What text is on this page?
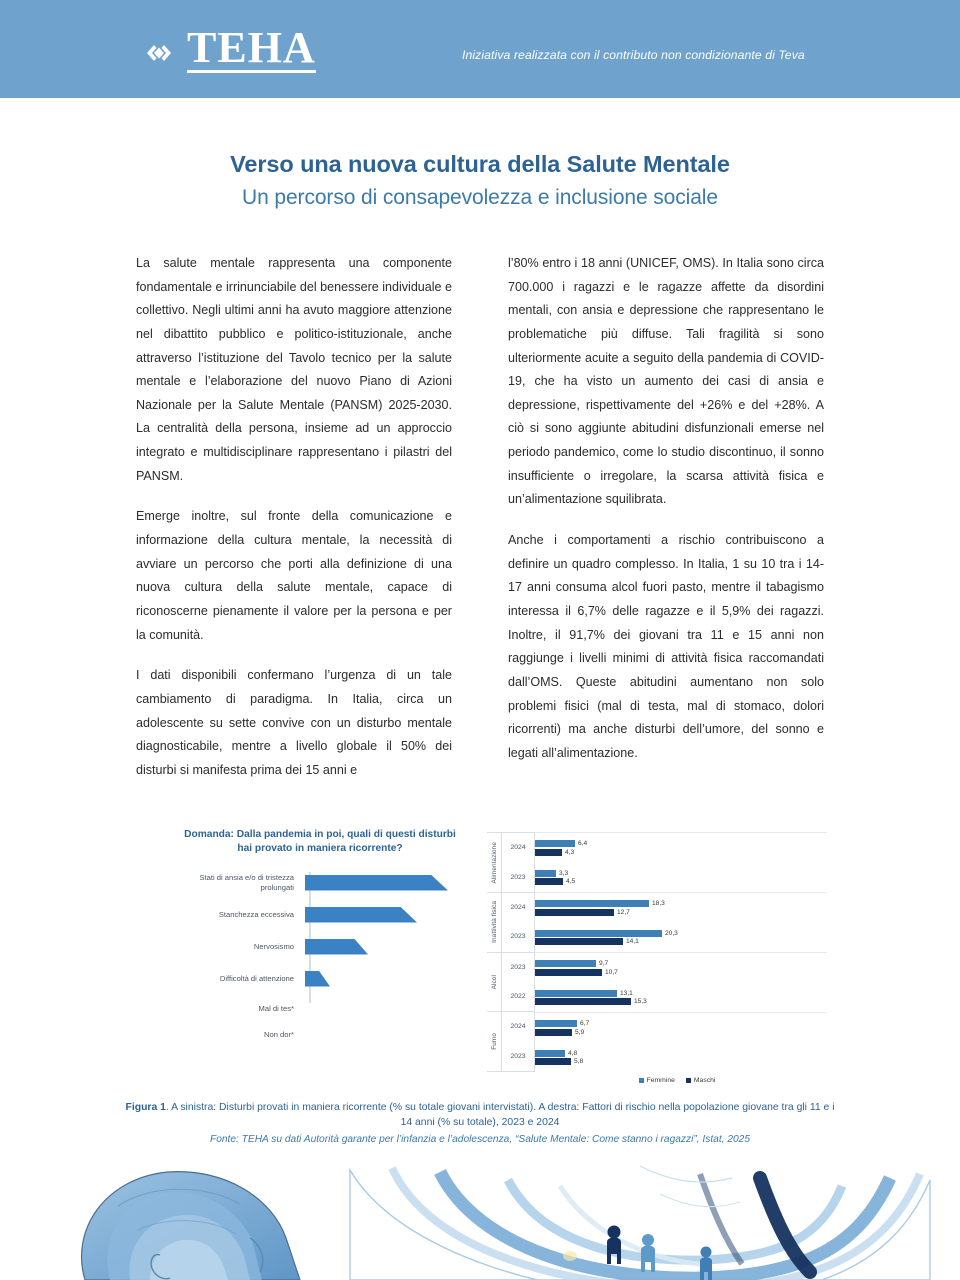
TEHA	Iniziativa realizzata con il contributo non condizionante di Teva
Verso una nuova cultura della Salute Mentale
Un percorso di consapevolezza e inclusione sociale

La salute mentale rappresenta una componente fondamentale e irrinunciabile del benessere individuale e collettivo. Negli ultimi anni ha avuto maggiore attenzione nel dibattito pubblico e politico-istituzionale, anche attraverso l’istituzione del Tavolo tecnico per la salute mentale e l’elaborazione del nuovo Piano di Azioni Nazionale per la Salute Mentale (PANSM) 2025-2030. La centralità della persona, insieme ad un approccio integrato e multidisciplinare rappresentano i pilastri del PANSM.

Emerge inoltre, sul fronte della comunicazione e informazione della cultura mentale, la necessità di avviare un percorso che porti alla definizione di una nuova cultura della salute mentale, capace di riconoscerne pienamente il valore per la persona e per la comunità.

I dati disponibili confermano l’urgenza di un tale cambiamento di paradigma. In Italia, circa un adolescente su sette convive con un disturbo mentale diagnosticabile, mentre a livello globale il 50% dei disturbi si manifesta prima dei 15 anni e

l’80% entro i 18 anni (UNICEF, OMS). In Italia sono circa 700.000 i ragazzi e le ragazze affette da disordini mentali, con ansia e depressione che rappresentano le problematiche più diffuse. Tali fragilità si sono ulteriormente acuite a seguito della pandemia di COVID-19, che ha visto un aumento dei casi di ansia e depressione, rispettivamente del +26% e del +28%. A ciò si sono aggiunte abitudini disfunzionali emerse nel periodo pandemico, come lo studio discontinuo, il sonno insufficiente o irregolare, la scarsa attività fisica e un’alimentazione squilibrata.

Anche i comportamenti a rischio contribuiscono a definire un quadro complesso. In Italia, 1 su 10 tra i 14-17 anni consuma alcol fuori pasto, mentre il tabagismo interessa il 6,7% delle ragazze e il 5,9% dei ragazzi. Inoltre, il 91,7% dei giovani tra 11 e 15 anni non raggiunge i livelli minimi di attività fisica raccomandati dall’OMS. Queste abitudini aumentano non solo problemi fisici (mal di testa, mal di stomaco, dolori ricorrenti) ma anche disturbi dell’umore, del sonno e legati all’alimentazione.

Domanda: Dalla pandemia in poi, quali di questi disturbi hai provato in maniera ricorrente?
Stati di ansia e/o di tristezza prolungati
Stanchezza eccessiva
Nervosismo
Difficoltà di attenzione
Mal di tes*
Non dor*
Alimentazione	2024
2023
Inattività fisica	2024
2023
Alcol
2023
2022
Fumo
2024
2023
6,4
4,3
3,3
4,5
18,3
12,7
20,3
14,1
9,7
10,7
13,1
15,3
6,7
5,9
4,8
5,8
Femmine	Maschi
Figura 1. A sinistra: Disturbi provati in maniera ricorrente (% su totale giovani intervistati). A destra: Fattori di rischio nella popolazione giovane tra gli 11 e i 14 anni (% su totale), 2023 e 2024
Fonte: TEHA su dati Autorità garante per l’infanzia e l’adolescenza, “Salute Mentale: Come stanno i ragazzi”, Istat, 2025
